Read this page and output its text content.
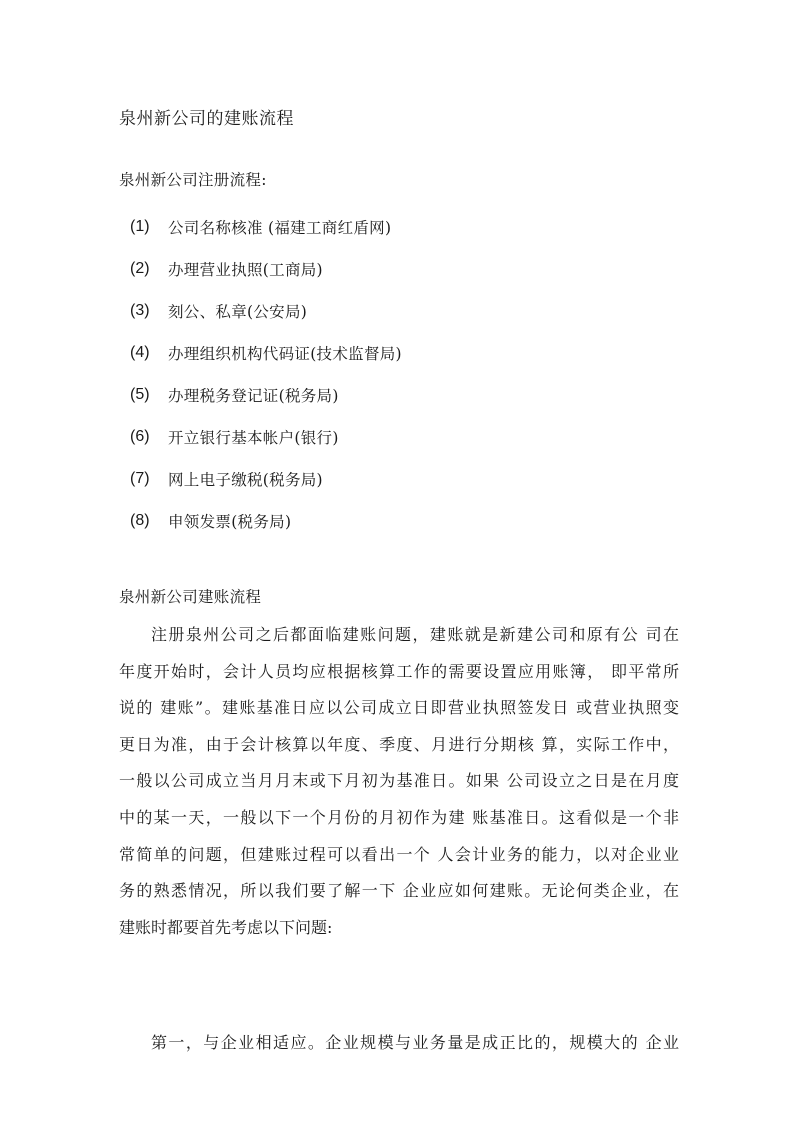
泉州新公司的建账流程
泉州新公司注册流程:
(1)	公司名称核准 (福建工商红盾网)
(2)	办理营业执照(工商局)
(3)	刻公、私章(公安局)
(4)	办理组织机构代码证(技术监督局)
(5)	办理税务登记证(税务局)
(6)	开立银行基本帐户(银行)
(7)	网上电子缴税(税务局)
(8)	申领发票(税务局)
泉州新公司建账流程
注册泉州公司之后都面临建账问题，建账就是新建公司和原有公 司在
年度开始时，会计人员均应根据核算工作的需要设置应用账簿， 即平常所
说的 建账”。建账基准日应以公司成立日即营业执照签发日 或营业执照变
更日为准，由于会计核算以年度、季度、月进行分期核 算，实际工作中，
一般以公司成立当月月末或下月初为基准日。如果 公司设立之日是在月度
中的某一天，一般以下一个月份的月初作为建 账基准日。这看似是一个非
常简单的问题，但建账过程可以看出一个 人会计业务的能力，以对企业业
务的熟悉情况，所以我们要了解一下 企业应如何建账。无论何类企业，在
建账时都要首先考虑以下问题:
第一，与企业相适应。企业规模与业务量是成正比的，规模大的 企业
